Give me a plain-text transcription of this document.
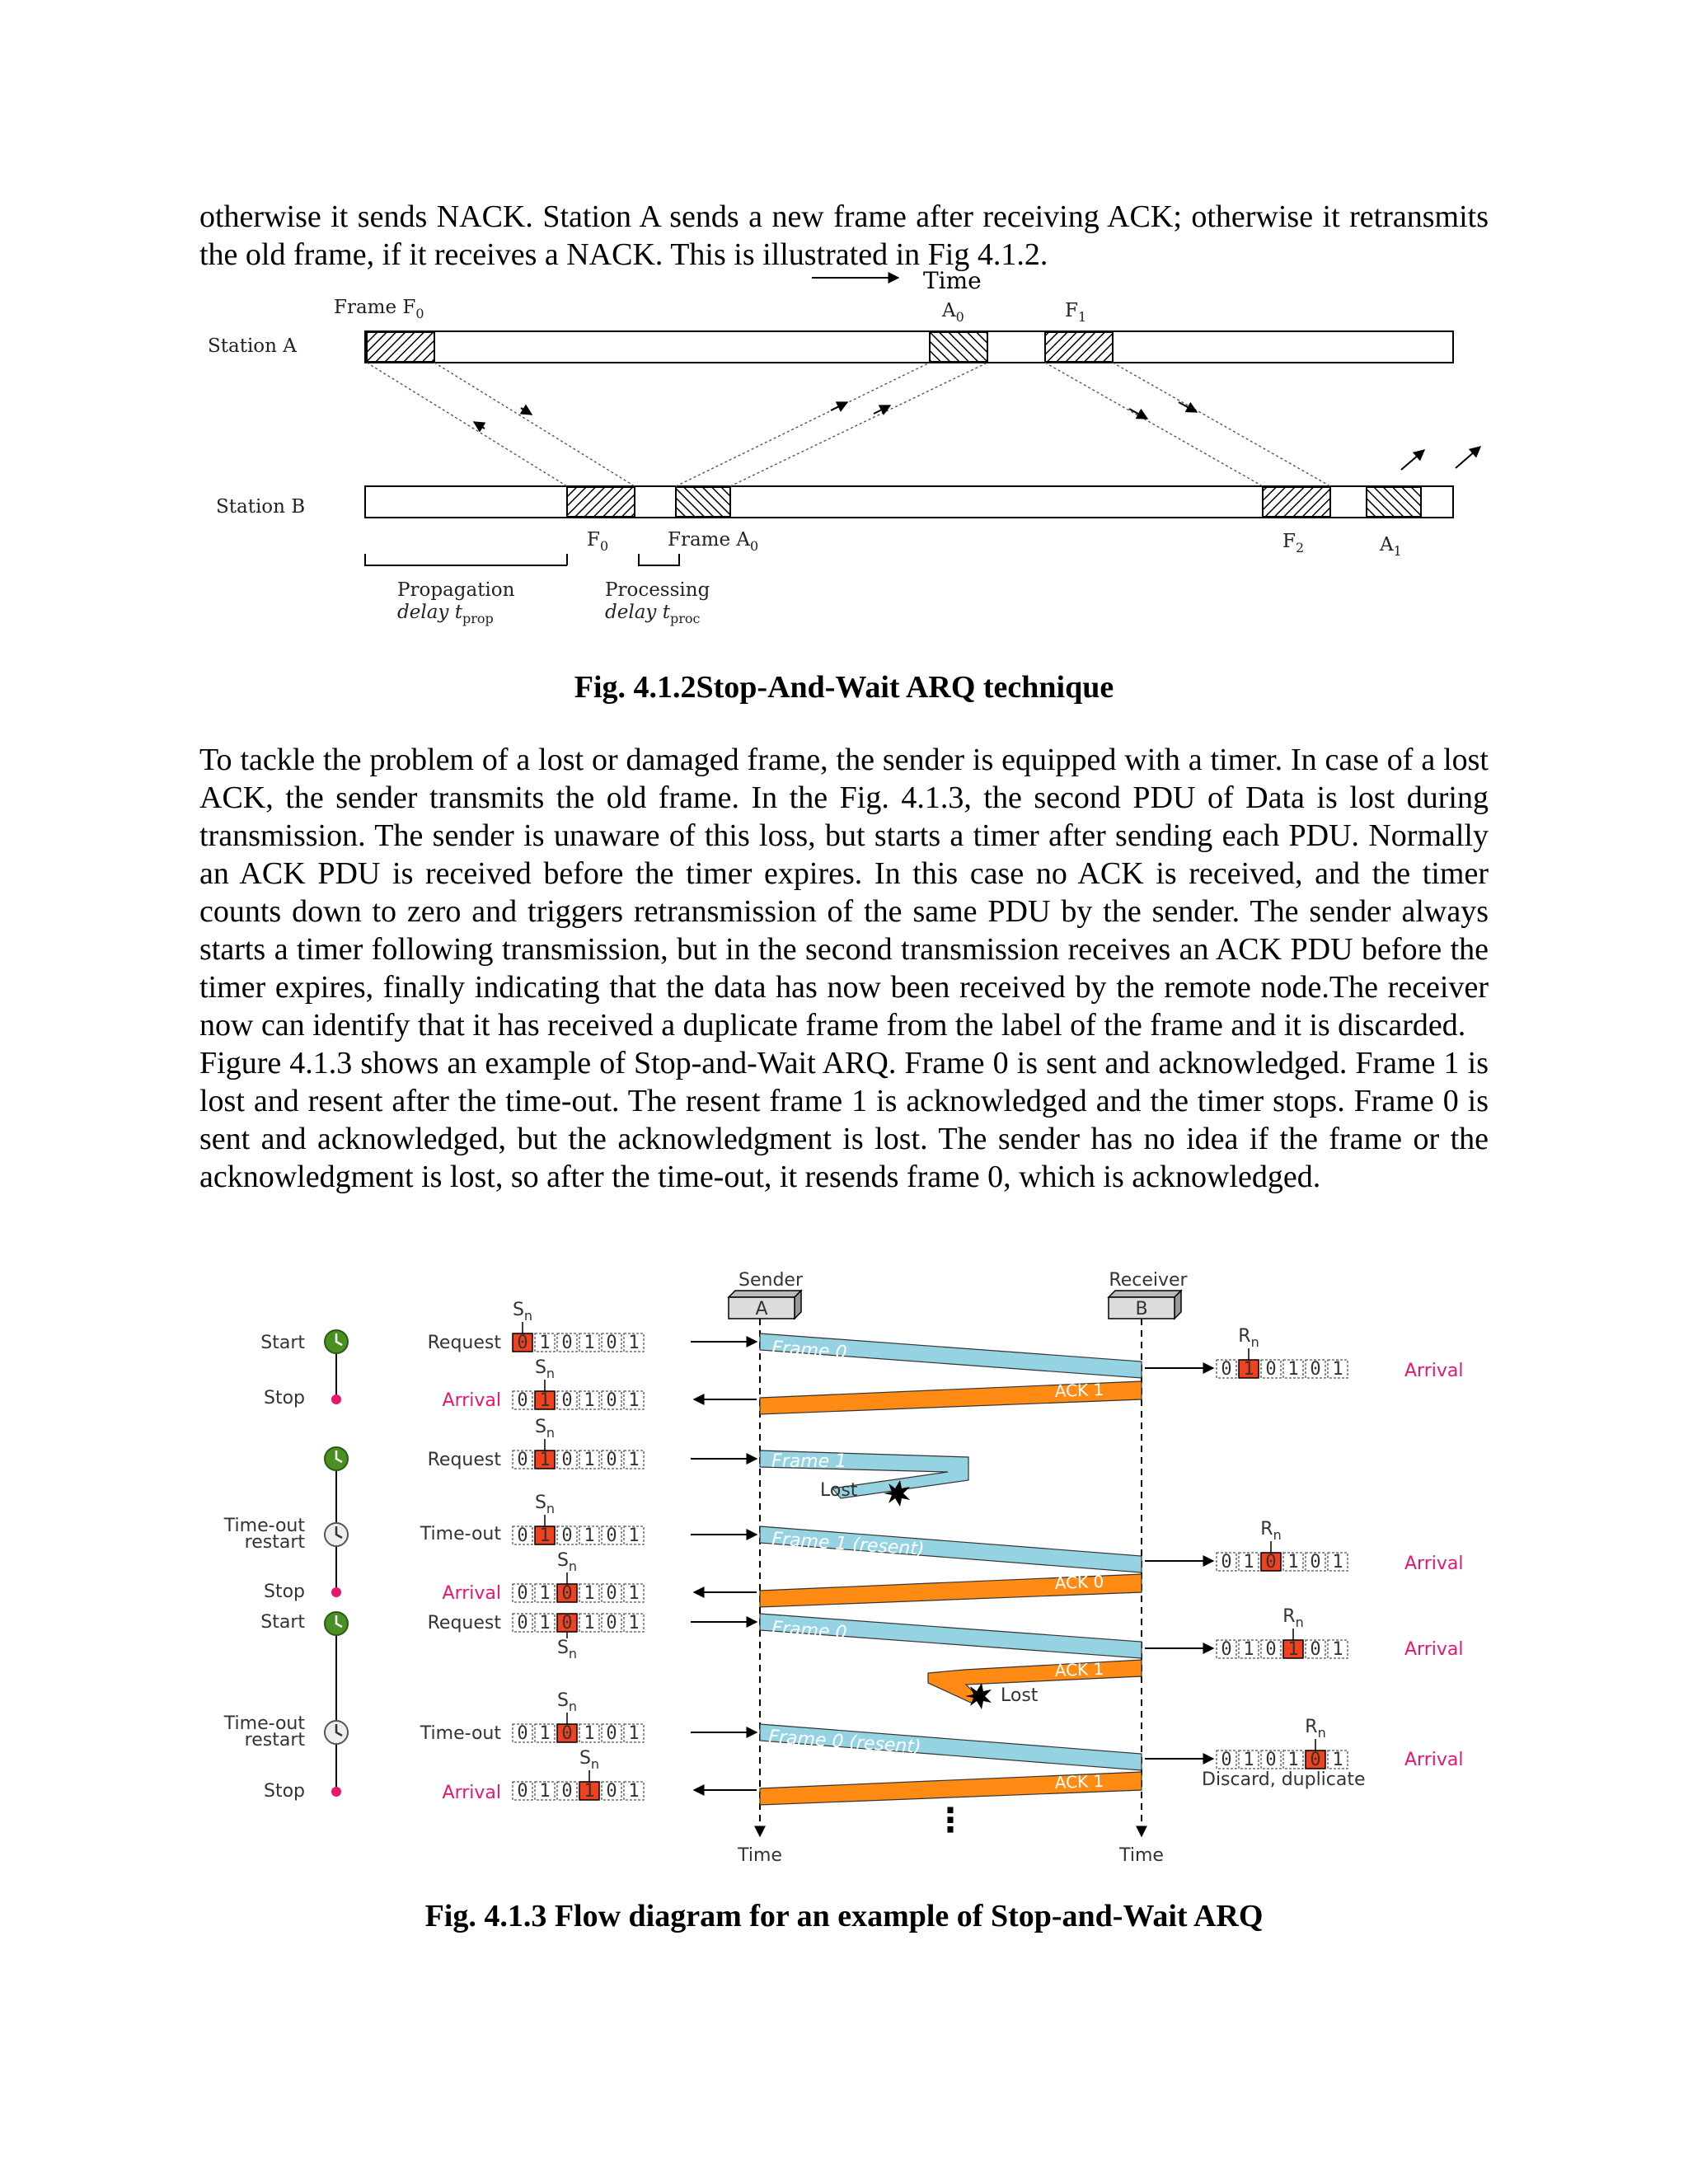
otherwise it sends NACK. Station A sends a new frame after receiving ACK; otherwise it retransmits the old frame, if it receives a NACK. This is illustrated in Fig 4.1.2.

Time
Frame $F_0$	$A_0$	$F_1$
Station A
Station B
$F_0$	Frame $A_0$	$F_2$	$A_1$
Propagation
delay $t_{prop}$
Processing
delay $t_{proc}$
Fig. 4.1.2Stop-And-Wait ARQ technique

To tackle the problem of a lost or damaged frame, the sender is equipped with a timer. In case of a lost ACK, the sender transmits the old frame. In the Fig. 4.1.3, the second PDU of Data is lost during transmission. The sender is unaware of this loss, but starts a timer after sending each PDU. Normally an ACK PDU is received before the timer expires. In this case no ACK is received, and the timer counts down to zero and triggers retransmission of the same PDU by the sender. The sender always starts a timer following transmission, but in the second transmission receives an ACK PDU before the timer expires, finally indicating that the data has now been received by the remote node.The receiver now can identify that it has received a duplicate frame from the label of the frame and it is discarded.

Figure 4.1.3 shows an example of Stop-and-Wait ARQ. Frame 0 is sent and acknowledged. Frame 1 is lost and resent after the time-out. The resent frame 1 is acknowledged and the timer stops. Frame 0 is sent and acknowledged, but the acknowledgment is lost. The sender has no idea if the frame or the acknowledgment is lost, so after the time-out, it resends frame 0, which is acknowledged.

Sender	Receiver
A	B
Time	Time
⋮
Start
Stop
Time-out
restart
Stop
Start
Time-out
restart
Stop
Request
Arrival
Request
Time-out
Arrival
Request
Time-out
Arrival
Frame 0
Frame 1
Lost
Frame 1 (resent)
Frame 0
Frame 0 (resent)
ACK 1
ACK 0
ACK 1
Lost
ACK 1
Arrival
Arrival
Arrival
Arrival
Discard, duplicate
0 1 0 1 0 1
$S_n$
0 1 0 1 0 1
$S_n$
0 1 0 1 0 1
$S_n$
0 1 0 1 0 1
$S_n$
0 1 0 1 0 1
$S_n$
0 1 0 1 0 1
$S_n$
0 1 0 1 0 1
$S_n$
0 1 0 1 0 1
$S_n$
0 1 0 1 0 1
$R_n$
0 1 0 1 0 1
$R_n$
0 1 0 1 0 1
$R_n$
0 1 0 1 0 1
$R_n$
Fig. 4.1.3 Flow diagram for an example of Stop-and-Wait ARQ
